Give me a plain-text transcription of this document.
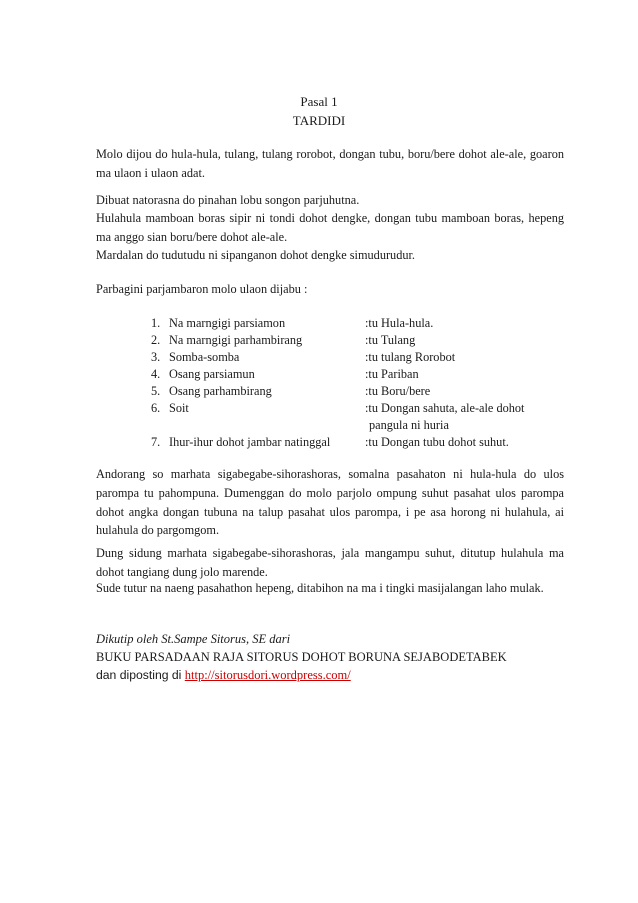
Pasal 1
TARDIDI
Molo dijou do hula-hula, tulang, tulang rorobot, dongan tubu, boru/bere dohot ale-ale, goaron ma ulaon i ulaon adat.
Dibuat natorasna do pinahan lobu songon parjuhutna.
Hulahula mamboan boras sipir ni tondi dohot dengke, dongan tubu mamboan boras, hepeng ma anggo sian boru/bere dohot ale-ale.
Mardalan do tudutudu ni sipanganon dohot dengke simudurudur.
Parbagini parjambaron molo ulaon dijabu :
1. Na marngigi parsiamon	:tu Hula-hula.
2. Na marngigi parhambirang	:tu Tulang
3. Somba-somba	:tu tulang Rorobot
4. Osang parsiamun	:tu Pariban
5. Osang parhambirang	:tu Boru/bere
6. Soit	:tu Dongan sahuta, ale-ale dohot
pangula ni huria
7. Ihur-ihur dohot jambar natinggal	:tu Dongan tubu dohot suhut.
Andorang so marhata sigabegabe-sihorashoras, somalna pasahaton ni hula-hula do ulos parompa tu pahompuna. Dumenggan do molo parjolo ompung suhut pasahat ulos parompa dohot angka dongan tubuna na talup pasahat ulos parompa, i pe asa horong ni hulahula, ai hulahula do pargomgom.
Dung sidung marhata sigabegabe-sihorashoras, jala mangampu suhut, ditutup hulahula ma dohot tangiang dung jolo marende.
Sude tutur na naeng pasahathon hepeng, ditabihon na ma i tingki masijalangan laho mulak.
Dikutip oleh St.Sampe Sitorus, SE dari
BUKU PARSADAAN RAJA SITORUS DOHOT BORUNA SEJABODETABEK
dan diposting di http://sitorusdori.wordpress.com/
